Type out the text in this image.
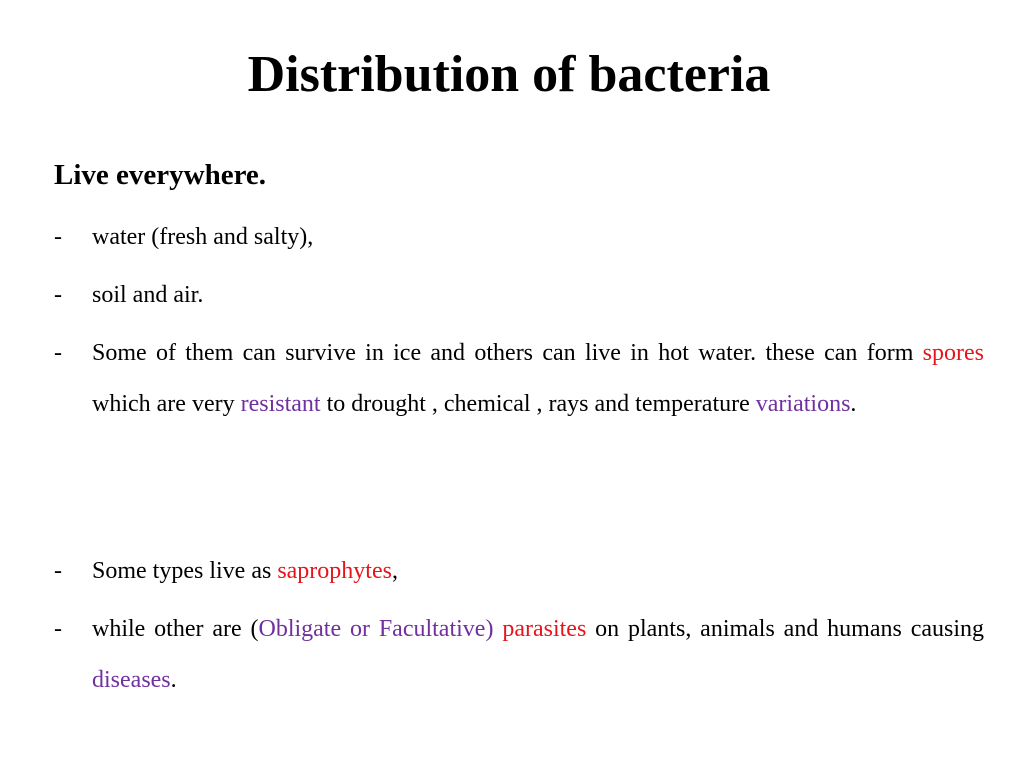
Distribution of bacteria

Live everywhere.

- water (fresh and salty),
- soil and air.
- Some of them can survive in ice and others can live in hot water. these can form spores which are very resistant to drought , chemical , rays and temperature variations.
- Some types live as saprophytes,
- while other are (Obligate or Facultative) parasites on plants, animals and humans causing diseases.
